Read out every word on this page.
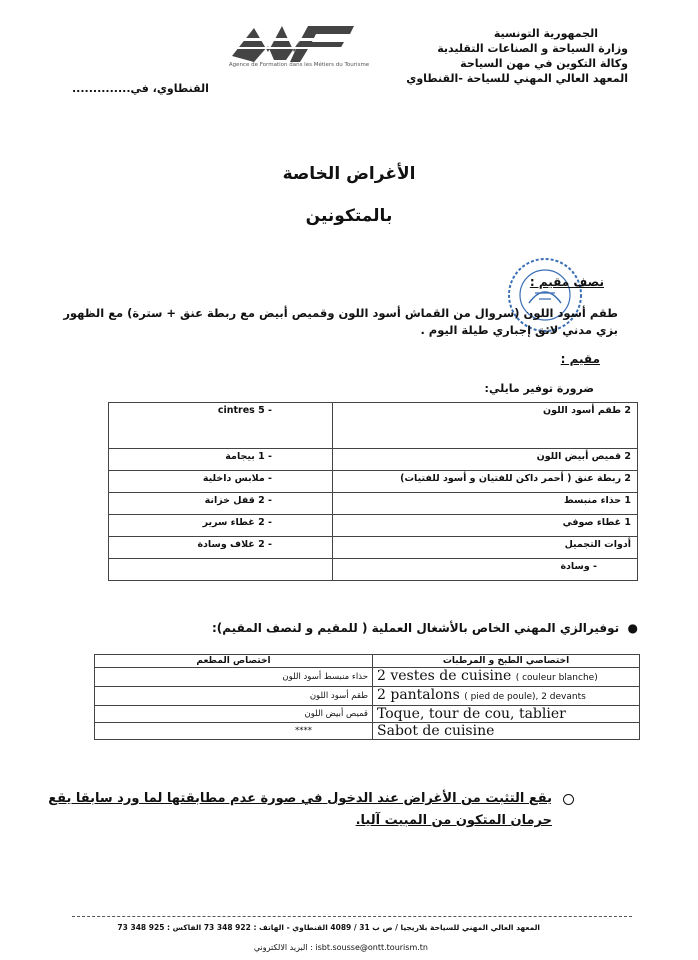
Agence de Formation dans les Métiers du Tourisme
الجمهورية التونسية
وزارة السياحة و الصناعات التقليدية
وكالة التكوين في مهن السياحة
المعهد العالي المهني للسياحة -القنطاوي
القنطاوي، في..............
الأغراض الخاصة
بالمتكونين
نصف مقيم :
طقم أسود اللون (سروال من القماش أسود اللون وقميص أبيض مع ربطة عنق + سترة) مع الظهور بزي مدني لائق إجباري طيلة اليوم .
مقيم :
ضرورة توفير مايلي:
- 5 cintres	2 طقم أسود اللون
- 1 بيجامة	2 قميص أبيض اللون
- ملابس داخلية	2 ربطة عنق ( أحمر داكن للفتيان و أسود للفتيات)
- 2 قفل خزانة	1 حذاء منبسط
- 2 غطاء سرير	1 غطاء صوفي
- 2 غلاف وسادة	أدوات التجميل
	- وسادة
●  توفيرالزي المهني الخاص بالأشغال العملية ( للمقيم و لنصف المقيم):
اختصاص المطعم	اختصاصي الطبخ و المرطبات
حذاء منبسط أسود اللون	2 vestes de cuisine ( couleur blanche)
طقم أسود اللون	2 pantalons ( pied de poule), 2 devants
قميص أبيض اللون	Toque, tour de cou, tablier
****	Sabot de cuisine
يقع التثبت من الأغراض عند الدخول في صورة عدم مطابقتها لما ورد سابقا يقع حرمان المتكون من المبيت آليا.
المعهد العالي المهني للسياحة بلاريجيا / ص ب 31 / 4089 القنطاوي - الهاتف : 922 348 73 الفاكس : 925 348 73
البريد الالكتروني : isbt.sousse@ontt.tourism.tn
